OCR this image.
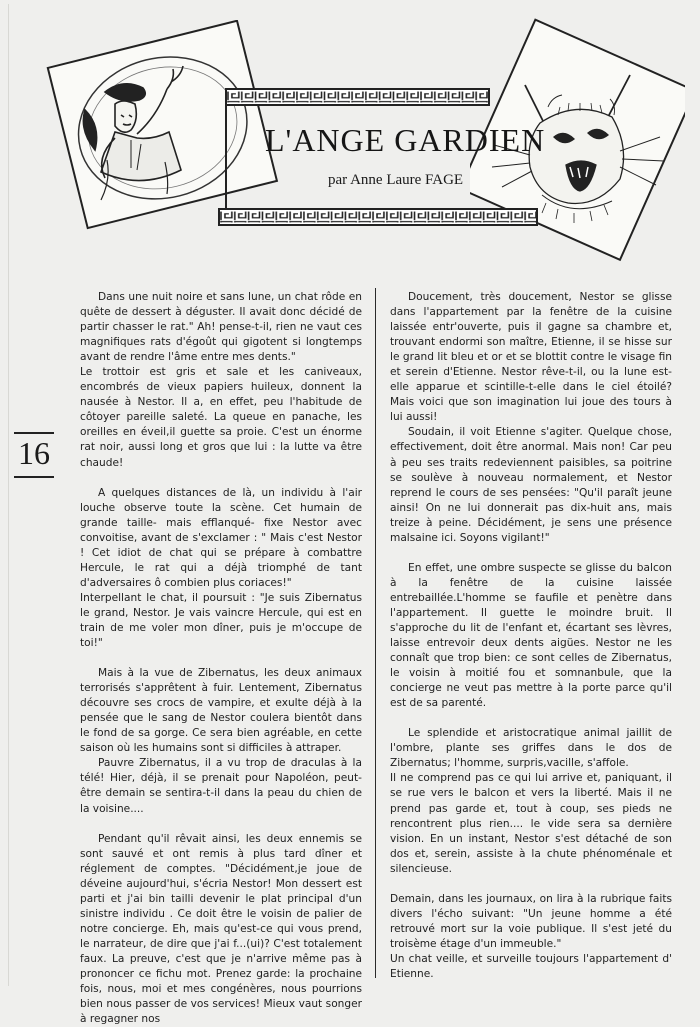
L'ANGE GARDIEN
par Anne Laure FAGE
16

Dans une nuit noire et sans lune, un chat rôde en quête de dessert à déguster. Il avait donc décidé de partir chasser le rat." Ah! pense-t-il, rien ne vaut ces magnifiques rats d'égoût qui gigotent si longtemps avant de rendre l'âme entre mes dents."

Le trottoir est gris et sale et les caniveaux, encombrés de vieux papiers huileux, donnent la nausée à Nestor. Il a, en effet, peu l'habitude de côtoyer pareille saleté. La queue en panache, les oreilles en éveil,il guette sa proie. C'est un énorme rat noir, aussi long et gros que lui : la lutte va être chaude!

A quelques distances de là, un individu à l'air louche observe toute la scène. Cet humain de grande taille- mais efflanqué- fixe Nestor avec convoitise, avant de s'exclamer : " Mais c'est Nestor ! Cet idiot de chat qui se prépare à combattre Hercule, le rat qui a déjà triomphé de tant d'adversaires ô combien plus coriaces!"

Interpellant le chat, il poursuit : "Je suis Zibernatus le grand, Nestor. Je vais vaincre Hercule, qui est en train de me voler mon dîner, puis je m'occupe de toi!"

Mais à la vue de Zibernatus, les deux animaux terrorisés s'apprêtent à fuir. Lentement, Zibernatus découvre ses crocs de vampire, et exulte déjà à la pensée que le sang de Nestor coulera bientôt dans le fond de sa gorge. Ce sera bien agréable, en cette saison où les humains sont si difficiles à attraper.

Pauvre Zibernatus, il a vu trop de draculas à la télé! Hier, déjà, il se prenait pour Napoléon, peut-être demain se sentira-t-il dans la peau du chien de la voisine....

Pendant qu'il rêvait ainsi, les deux ennemis se sont sauvé et ont remis à plus tard dîner et réglement de comptes. "Décidément,je joue de déveine aujourd'hui, s'écria Nestor! Mon dessert est parti et j'ai bin tailli devenir le plat principal d'un sinistre individu . Ce doit être le voisin de palier de notre concierge. Eh, mais qu'est-ce qui vous prend, le narrateur, de dire que j'ai f...(ui)? C'est totalement faux. La preuve, c'est que je n'arrive même pas à prononcer ce fichu mot. Prenez garde: la prochaine fois, nous, moi et mes congénères, nous pourrions bien nous passer de vos services! Mieux vaut songer à regagner nos

Doucement, très doucement, Nestor se glisse dans l'appartement par la fenêtre de la cuisine laissée entr'ouverte, puis il gagne sa chambre et, trouvant endormi son maître, Etienne, il se hisse sur le grand lit bleu et or et se blottit contre le visage fin et serein d'Etienne. Nestor rêve-t-il, ou la lune est-elle apparue et scintille-t-elle dans le ciel étoilé? Mais voici que son imagination lui joue des tours à lui aussi!

Soudain, il voit Etienne s'agiter. Quelque chose, effectivement, doit être anormal. Mais non! Car peu à peu ses traits redeviennent paisibles, sa poitrine se soulève à nouveau normalement, et Nestor reprend le cours de ses pensées: "Qu'il paraît jeune ainsi! On ne lui donnerait pas dix-huit ans, mais treize à peine. Décidément, je sens une présence malsaine ici. Soyons vigilant!"

En effet, une ombre suspecte se glisse du balcon à la fenêtre de la cuisine laissée entrebaillée.L'homme se faufile et penètre dans l'appartement. Il guette le moindre bruit. Il s'approche du lit de l'enfant et, écartant ses lèvres, laisse entrevoir deux dents aigües. Nestor ne les connaît que trop bien: ce sont celles de Zibernatus, le voisin à moitié fou et somnanbule, que la concierge ne veut pas mettre à la porte parce qu'il est de sa parenté.

Le splendide et aristocratique animal jaillit de l'ombre, plante ses griffes dans le dos de Zibernatus; l'homme, surpris,vacille, s'affole.

Il ne comprend pas ce qui lui arrive et, paniquant, il se rue vers le balcon et vers la liberté. Mais il ne prend pas garde et, tout à coup, ses pieds ne rencontrent plus rien.... le vide sera sa dernière vision. En un instant, Nestor s'est détaché de son dos et, serein, assiste à la chute phénoménale et silencieuse.

Demain, dans les journaux, on lira à la rubrique faits divers l'écho suivant: "Un jeune homme a été retrouvé mort sur la voie publique. Il s'est jeté du troisème étage d'un immeuble."

Un chat veille, et surveille toujours l'appartement d' Etienne.
